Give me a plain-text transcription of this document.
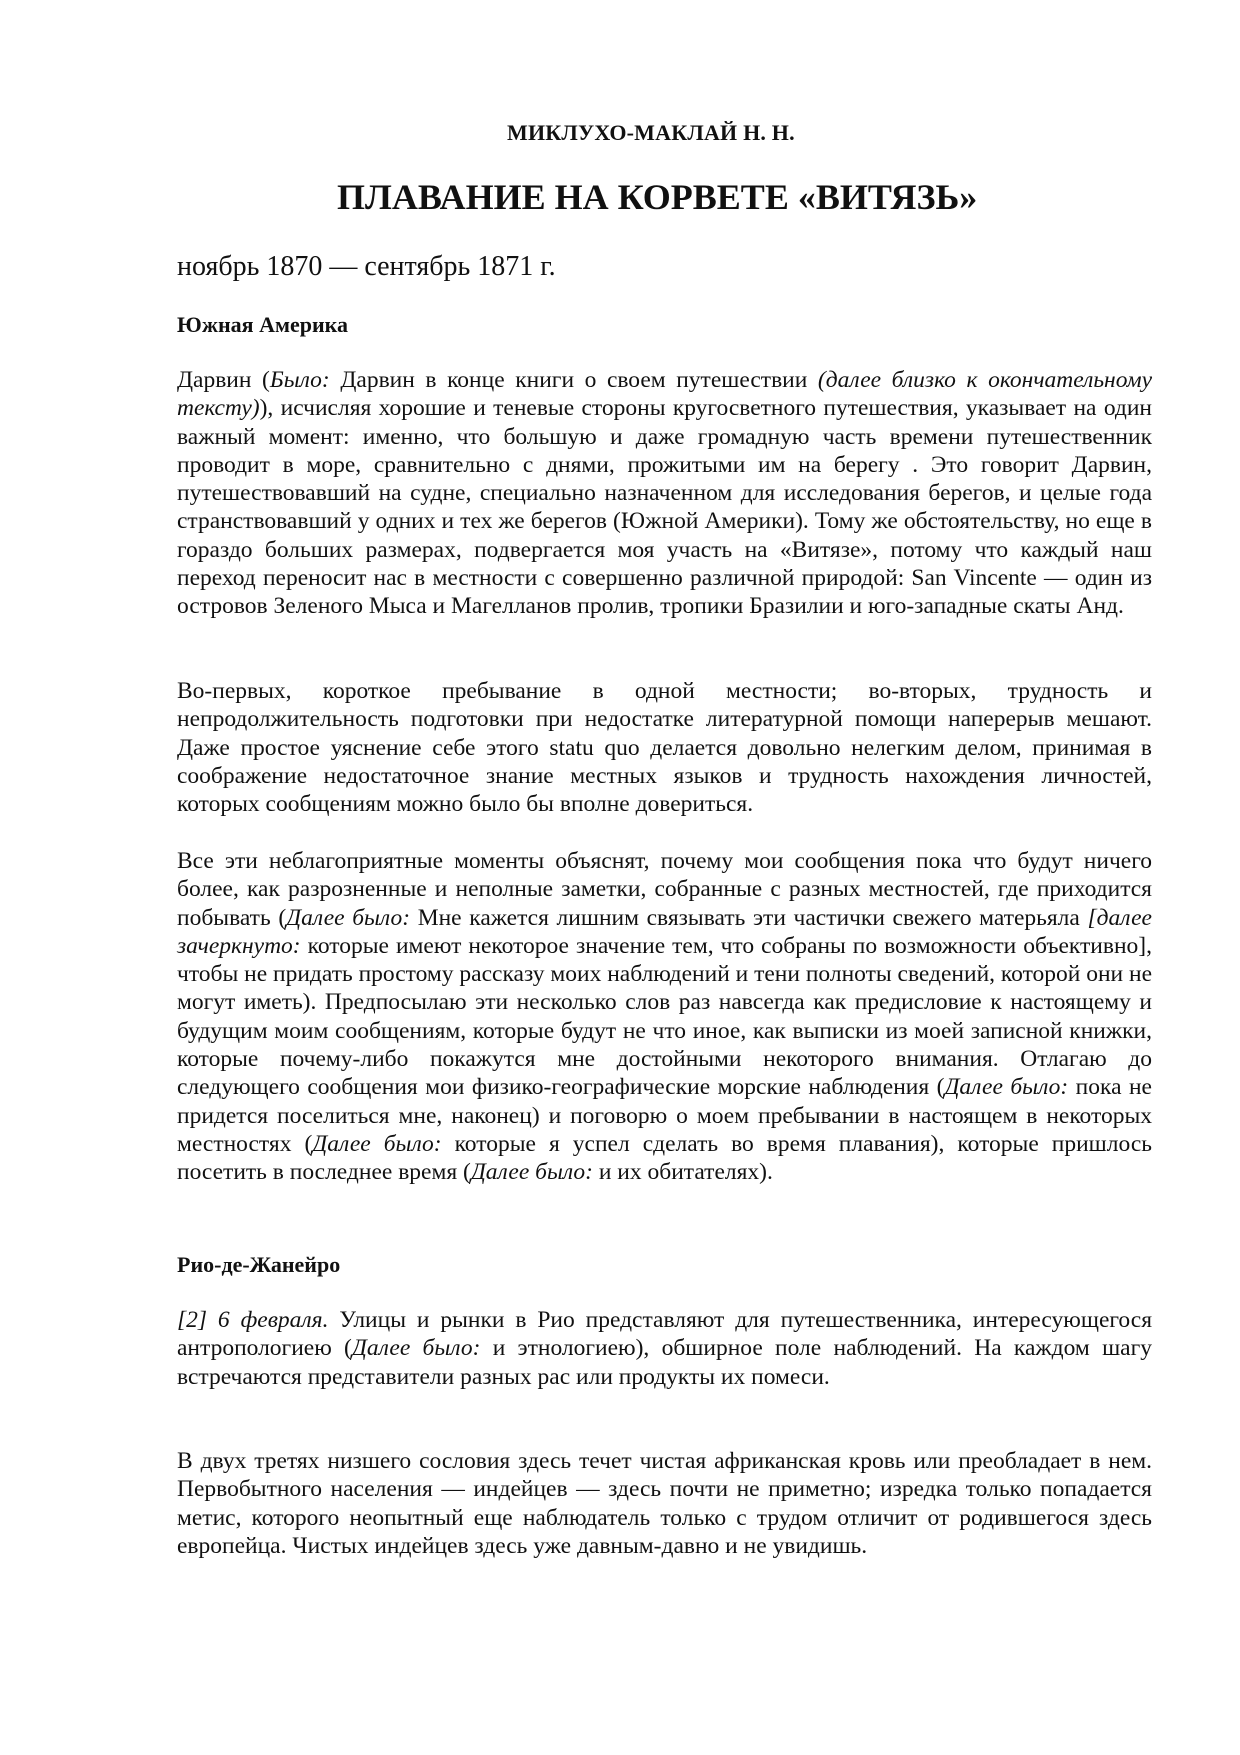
МИКЛУХО-МАКЛАЙ Н. Н.
ПЛАВАНИЕ НА КОРВЕТЕ «ВИТЯЗЬ»
ноябрь 1870 — сентябрь 1871 г.
Южная Америка
Дарвин (Было: Дарвин в конце книги о своем путешествии (далее близко к окончательному тексту)), исчисляя хорошие и теневые стороны кругосветного путешествия, указывает на один важный момент: именно, что большую и даже громадную часть времени путешественник проводит в море, сравнительно с днями, прожитыми им на берегу . Это говорит Дарвин, путешествовавший на судне, специально назначенном для исследования берегов, и целые года странствовавший у одних и тех же берегов (Южной Америки). Тому же обстоятельству, но еще в гораздо больших размерах, подвергается моя участь на «Витязе», потому что каждый наш переход переносит нас в местности с совершенно различной природой: San Vincente — один из островов Зеленого Мыса и Магелланов пролив, тропики Бразилии и юго-западные скаты Анд.
Во-первых, короткое пребывание в одной местности; во-вторых, трудность и непродолжительность подготовки при недостатке литературной помощи наперерыв мешают. Даже простое уяснение себе этого statu quo делается довольно нелегким делом, принимая в соображение недостаточное знание местных языков и трудность нахождения личностей, которых сообщениям можно было бы вполне довериться.
Все эти неблагоприятные моменты объяснят, почему мои сообщения пока что будут ничего более, как разрозненные и неполные заметки, собранные с разных местностей, где приходится побывать (Далее было: Мне кажется лишним связывать эти частички свежего матерьяла [далее зачеркнуто: которые имеют некоторое значение тем, что собраны по возможности объективно], чтобы не придать простому рассказу моих наблюдений и тени полноты сведений, которой они не могут иметь). Предпосылаю эти несколько слов раз навсегда как предисловие к настоящему и будущим моим сообщениям, которые будут не что иное, как выписки из моей записной книжки, которые почему-либо покажутся мне достойными некоторого внимания. Отлагаю до следующего сообщения мои физико-географические морские наблюдения (Далее было: пока не придется поселиться мне, наконец) и поговорю о моем пребывании в настоящем в некоторых местностях (Далее было: которые я успел сделать во время плавания), которые пришлось посетить в последнее время (Далее было: и их обитателях).
Рио-де-Жанейро
[2] 6 февраля. Улицы и рынки в Рио представляют для путешественника, интересующегося антропологиею (Далее было: и этнологиею), обширное поле наблюдений. На каждом шагу встречаются представители разных рас или продукты их помеси.
В двух третях низшего сословия здесь течет чистая африканская кровь или преобладает в нем. Первобытного населения — индейцев — здесь почти не приметно; изредка только попадается метис, которого неопытный еще наблюдатель только с трудом отличит от родившегося здесь европейца. Чистых индейцев здесь уже давным-давно и не увидишь.
